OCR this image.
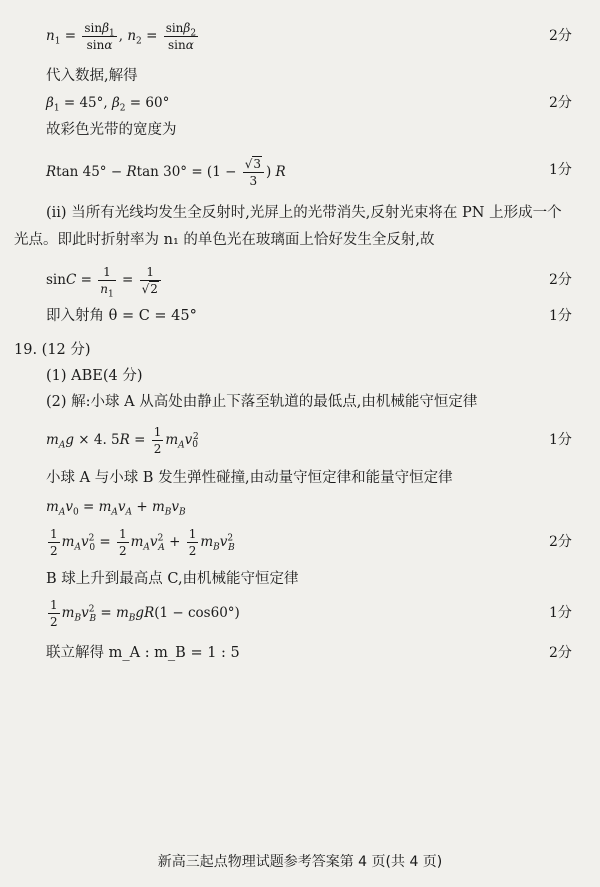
$n_1 = \frac{\sin\beta_1}{\sin\alpha}$ , $n_2 = \frac{\sin\beta_2}{\sin\alpha}$	2分
代入数据,解得
$\beta_1 = 45^\circ$, $\beta_2 = 60^\circ$	2分
故彩色光带的宽度为
Rtan 45° − Rtan $30^\circ = (1 - \frac{√3}{3}$ ) R	1分
(ⅱ) 当所有光线均发生全反射时,光屏上的光带消失,反射光束将在 PN 上形成一个
光点。即此时折射率为 n₁ 的单色光在玻璃面上恰好发生全反射,故
$\sin C = \frac{1}{n_1} = \frac{1}{√2}$	2分
即入射角 θ = C = 45°	1分
19. (12 分)
(1) ABE(4 分)
(2) 解:小球 A 从高处由静止下落至轨道的最低点,由机械能守恒定律
$m_Ag \times 4$. $5R = \frac{1}{2} m_Av_0^2$	1分
小球 A 与小球 B 发生弹性碰撞,由动量守恒定律和能量守恒定律
$m_Av_0 = m_Av_A + m_Bv_B$
$\frac{1}{2} m_Av^2_0 = \frac{1}{2} m_Av^2_A + \frac{1}{2} m_Bv^2_B$	2分
B 球上升到最高点 C,由机械能守恒定律
$\frac{1}{2} m_Bv^2_B = m_BgR(1 - \cos 60^\circ)$	1分
联立解得 m_A : m_B = 1 : 5	2分
新高三起点物理试题参考答案第 4 页(共 4 页)
